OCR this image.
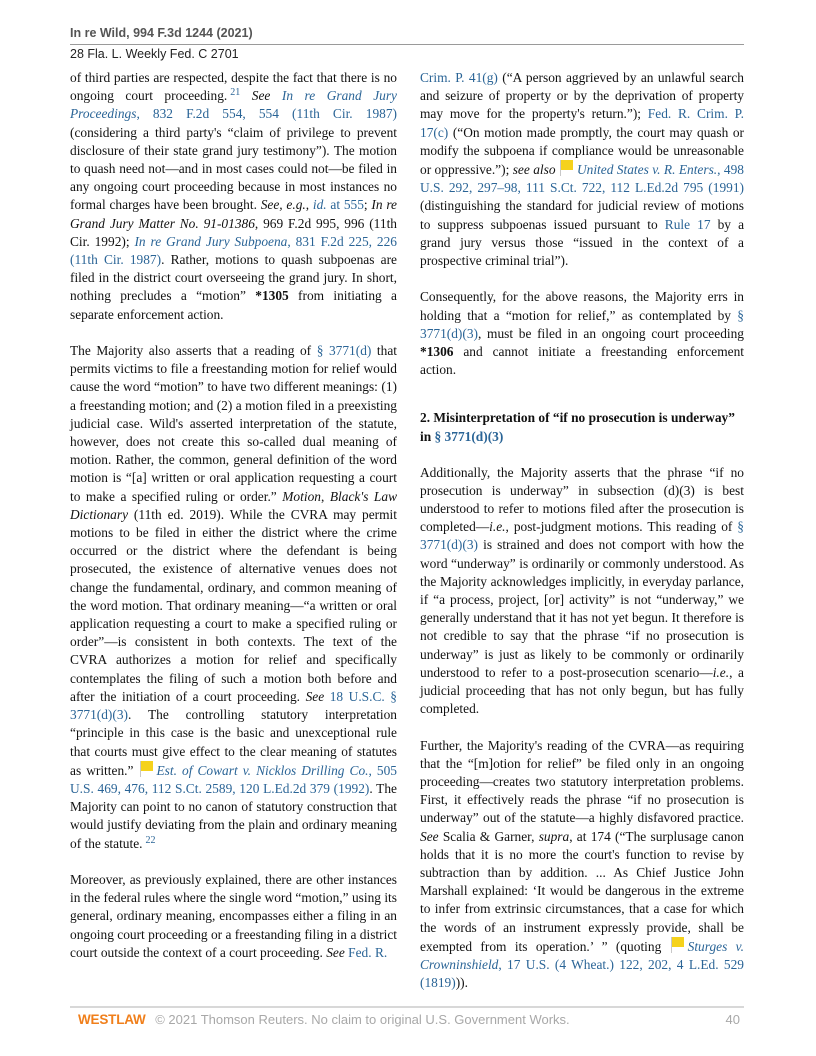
In re Wild, 994 F.3d 1244 (2021)
28 Fla. L. Weekly Fed. C 2701

of third parties are respected, despite the fact that there is no ongoing court proceeding. $^{21}$ See In re Grand Jury Proceedings, 832 F.2d 554, 554 (11th Cir. 1987) (considering a third party's “claim of privilege to prevent disclosure of their state grand jury testimony”). The motion to quash need not—and in most cases could not—be filed in any ongoing court proceeding because in most instances no formal charges have been brought. See, e.g., id. at 555; In re Grand Jury Matter No. 91-01386, 969 F.2d 995, 996 (11th Cir. 1992); In re Grand Jury Subpoena, 831 F.2d 225, 226 (11th Cir. 1987). Rather, motions to quash subpoenas are filed in the district court overseeing the grand jury. In short, nothing precludes a “motion” *1305 from initiating a separate enforcement action.

The Majority also asserts that a reading of § 3771(d) that permits victims to file a freestanding motion for relief would cause the word “motion” to have two different meanings: (1) a freestanding motion; and (2) a motion filed in a preexisting judicial case. Wild's asserted interpretation of the statute, however, does not create this so-called dual meaning of motion. Rather, the common, general definition of the word motion is “[a] written or oral application requesting a court to make a specified ruling or order.” Motion, Black's Law Dictionary (11th ed. 2019). While the CVRA may permit motions to be filed in either the district where the crime occurred or the district where the defendant is being prosecuted, the existence of alternative venues does not change the fundamental, ordinary, and common meaning of the word motion. That ordinary meaning—“a written or oral application requesting a court to make a specified ruling or order”—is consistent in both contexts. The text of the CVRA authorizes a motion for relief and specifically contemplates the filing of such a motion both before and after the initiation of a court proceeding. See 18 U.S.C. § 3771(d)(3). The controlling statutory interpretation “principle in this case is the basic and unexceptional rule that courts must give effect to the clear meaning of statutes as written.” Est. of Cowart v. Nicklos Drilling Co., 505 U.S. 469, 476, 112 S.Ct. 2589, 120 L.Ed.2d 379 (1992). The Majority can point to no canon of statutory construction that would justify deviating from the plain and ordinary meaning of the statute. $^{22}$

Moreover, as previously explained, there are other instances in the federal rules where the single word “motion,” using its general, ordinary meaning, encompasses either a filing in an ongoing court proceeding or a freestanding filing in a district court outside the context of a court proceeding. See Fed. R.

Crim. P. 41(g) (“A person aggrieved by an unlawful search and seizure of property or by the deprivation of property may move for the property's return.”); Fed. R. Crim. P. 17(c) (“On motion made promptly, the court may quash or modify the subpoena if compliance would be unreasonable or oppressive.”); see also United States v. R. Enters., 498 U.S. 292, 297–98, 111 S.Ct. 722, 112 L.Ed.2d 795 (1991) (distinguishing the standard for judicial review of motions to suppress subpoenas issued pursuant to Rule 17 by a grand jury versus those “issued in the context of a prospective criminal trial”).

Consequently, for the above reasons, the Majority errs in holding that a “motion for relief,” as contemplated by § 3771(d)(3), must be filed in an ongoing court proceeding *1306 and cannot initiate a freestanding enforcement action.

2. Misinterpretation of “if no prosecution is underway” in § 3771(d)(3)

Additionally, the Majority asserts that the phrase “if no prosecution is underway” in subsection (d)(3) is best understood to refer to motions filed after the prosecution is completed—i.e., post-judgment motions. This reading of § 3771(d)(3) is strained and does not comport with how the word “underway” is ordinarily or commonly understood. As the Majority acknowledges implicitly, in everyday parlance, if “a process, project, [or] activity” is not “underway,” we generally understand that it has not yet begun. It therefore is not credible to say that the phrase “if no prosecution is underway” is just as likely to be commonly or ordinarily understood to refer to a post-prosecution scenario—i.e., a judicial proceeding that has not only begun, but has fully completed.

Further, the Majority's reading of the CVRA—as requiring that the “[m]otion for relief” be filed only in an ongoing proceeding—creates two statutory interpretation problems. First, it effectively reads the phrase “if no prosecution is underway” out of the statute—a highly disfavored practice. See Scalia & Garner, supra, at 174 (“The surplusage canon holds that it is no more the court's function to revise by subtraction than by addition. ... As Chief Justice John Marshall explained: ‘It would be dangerous in the extreme to infer from extrinsic circumstances, that a case for which the words of an instrument expressly provide, shall be exempted from its operation.’ ” (quoting Sturges v. Crowninshield, 17 U.S. (4 Wheat.) 122, 202, 4 L.Ed. 529 (1819))).

WESTLAW © 2021 Thomson Reuters. No claim to original U.S. Government Works.	40
